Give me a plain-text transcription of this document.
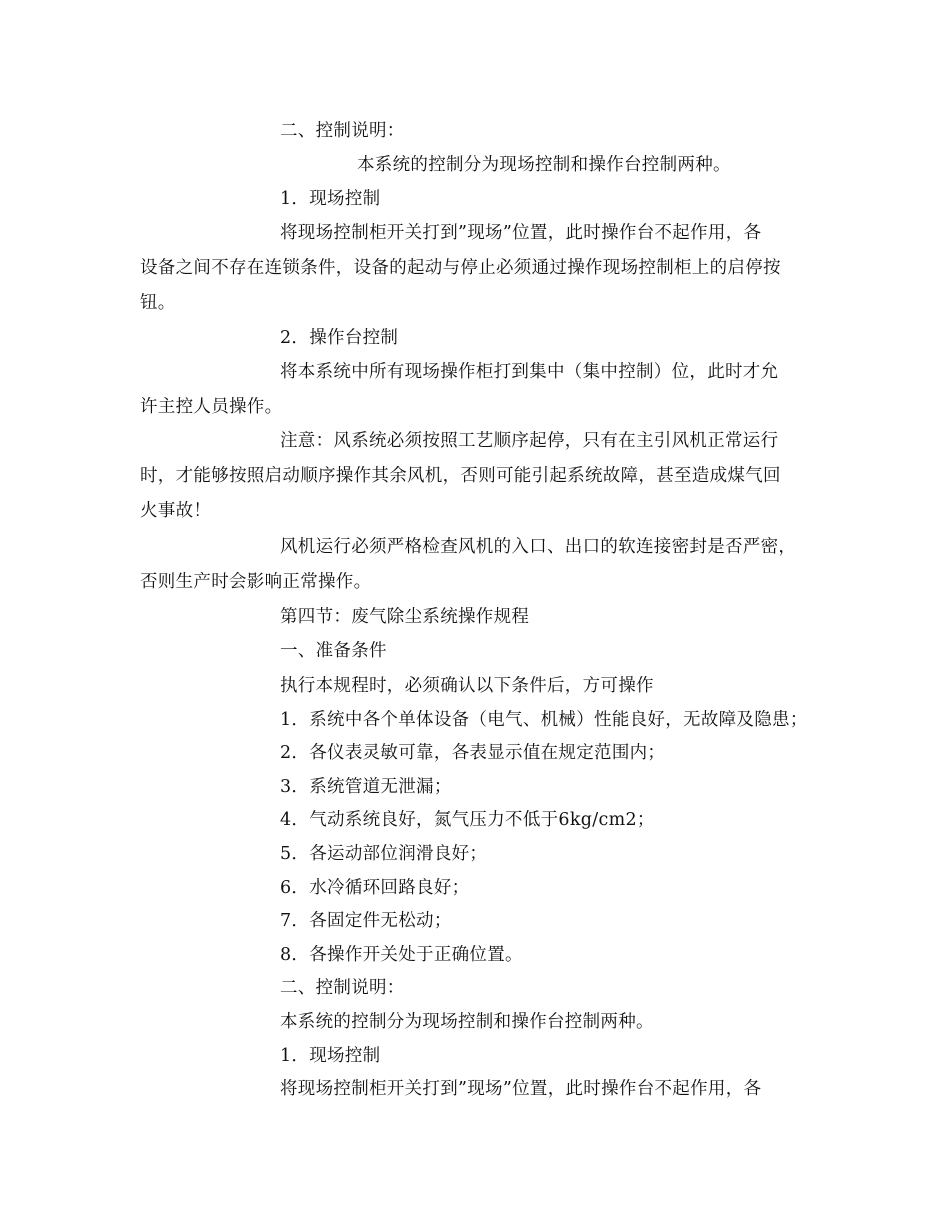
二、控制说明：
本系统的控制分为现场控制和操作台控制两种。
1．现场控制
将现场控制柜开关打到”现场”位置，此时操作台不起作用，各
设备之间不存在连锁条件，设备的起动与停止必须通过操作现场控制柜上的启停按
钮。
2．操作台控制
将本系统中所有现场操作柜打到集中（集中控制）位，此时才允
许主控人员操作。
注意：风系统必须按照工艺顺序起停，只有在主引风机正常运行
时，才能够按照启动顺序操作其余风机，否则可能引起系统故障，甚至造成煤气回
火事故！
风机运行必须严格检查风机的入口、出口的软连接密封是否严密，
否则生产时会影响正常操作。
第四节：废气除尘系统操作规程
一、准备条件
执行本规程时，必须确认以下条件后，方可操作
1．系统中各个单体设备（电气、机械）性能良好，无故障及隐患；
2．各仪表灵敏可靠，各表显示值在规定范围内；
3．系统管道无泄漏；
4．气动系统良好，氮气压力不低于6kg/cm2；
5．各运动部位润滑良好；
6．水冷循环回路良好；
7．各固定件无松动；
8．各操作开关处于正确位置。
二、控制说明：
本系统的控制分为现场控制和操作台控制两种。
1．现场控制
将现场控制柜开关打到”现场”位置，此时操作台不起作用，各
